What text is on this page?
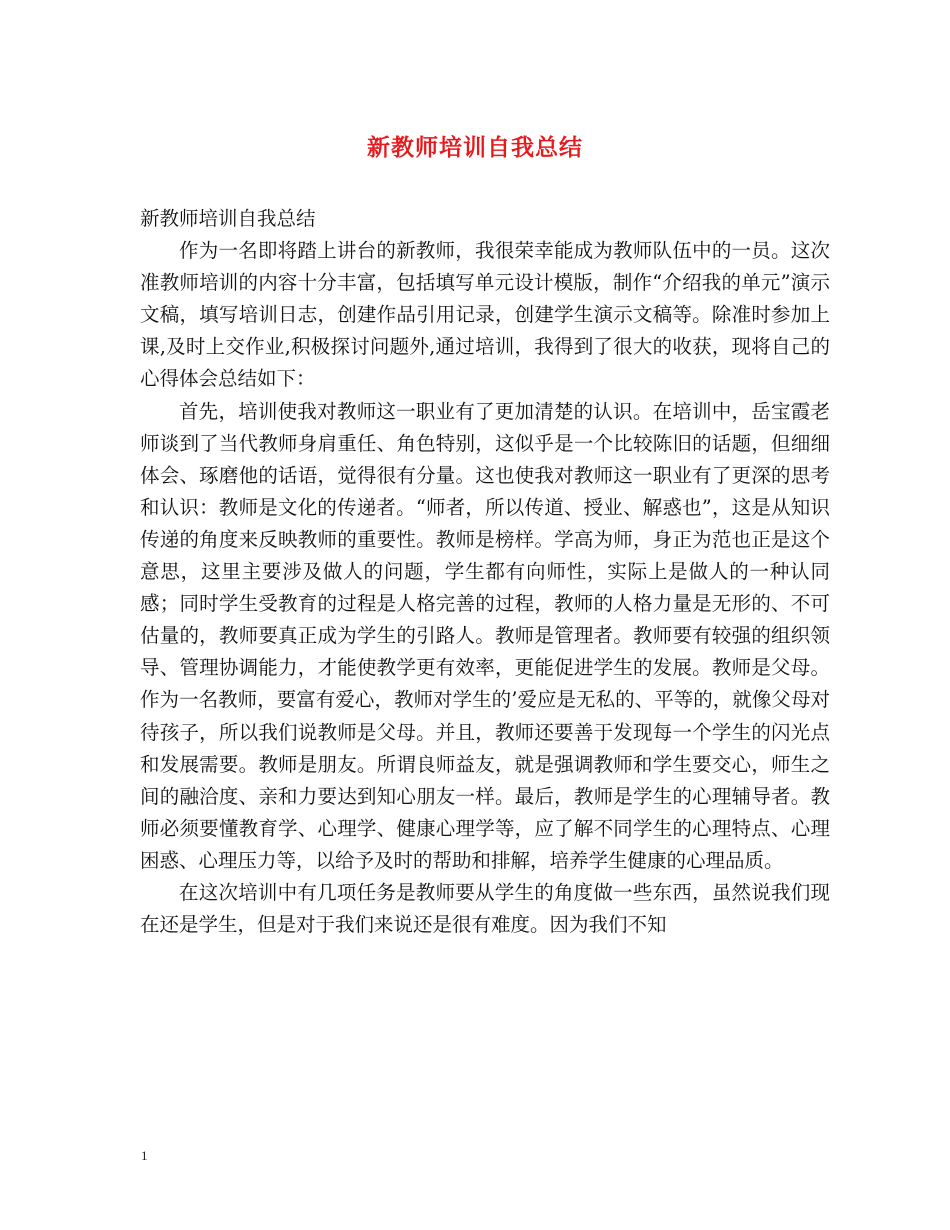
新教师培训自我总结

新教师培训自我总结

作为一名即将踏上讲台的新教师，我很荣幸能成为教师队伍中的一员。这次准教师培训的内容十分丰富，包括填写单元设计模版，制作“介绍我的单元”演示文稿，填写培训日志，创建作品引用记录，创建学生演示文稿等。除准时参加上课,及时上交作业,积极探讨问题外,通过培训，我得到了很大的收获，现将自己的心得体会总结如下：

首先，培训使我对教师这一职业有了更加清楚的认识。在培训中，岳宝霞老师谈到了当代教师身肩重任、角色特别，这似乎是一个比较陈旧的话题，但细细体会、琢磨他的话语，觉得很有分量。这也使我对教师这一职业有了更深的思考和认识：教师是文化的传递者。“师者，所以传道、授业、解惑也”，这是从知识传递的角度来反映教师的重要性。教师是榜样。学高为师，身正为范也正是这个意思，这里主要涉及做人的问题，学生都有向师性，实际上是做人的一种认同感；同时学生受教育的过程是人格完善的过程，教师的人格力量是无形的、不可估量的，教师要真正成为学生的引路人。教师是管理者。教师要有较强的组织领导、管理协调能力，才能使教学更有效率，更能促进学生的发展。教师是父母。作为一名教师，要富有爱心，教师对学生的’爱应是无私的、平等的，就像父母对待孩子，所以我们说教师是父母。并且，教师还要善于发现每一个学生的闪光点和发展需要。教师是朋友。所谓良师益友，就是强调教师和学生要交心，师生之间的融洽度、亲和力要达到知心朋友一样。最后，教师是学生的心理辅导者。教师必须要懂教育学、心理学、健康心理学等，应了解不同学生的心理特点、心理困惑、心理压力等，以给予及时的帮助和排解，培养学生健康的心理品质。

在这次培训中有几项任务是教师要从学生的角度做一些东西，虽然说我们现在还是学生，但是对于我们来说还是很有难度。因为我们不知

1
